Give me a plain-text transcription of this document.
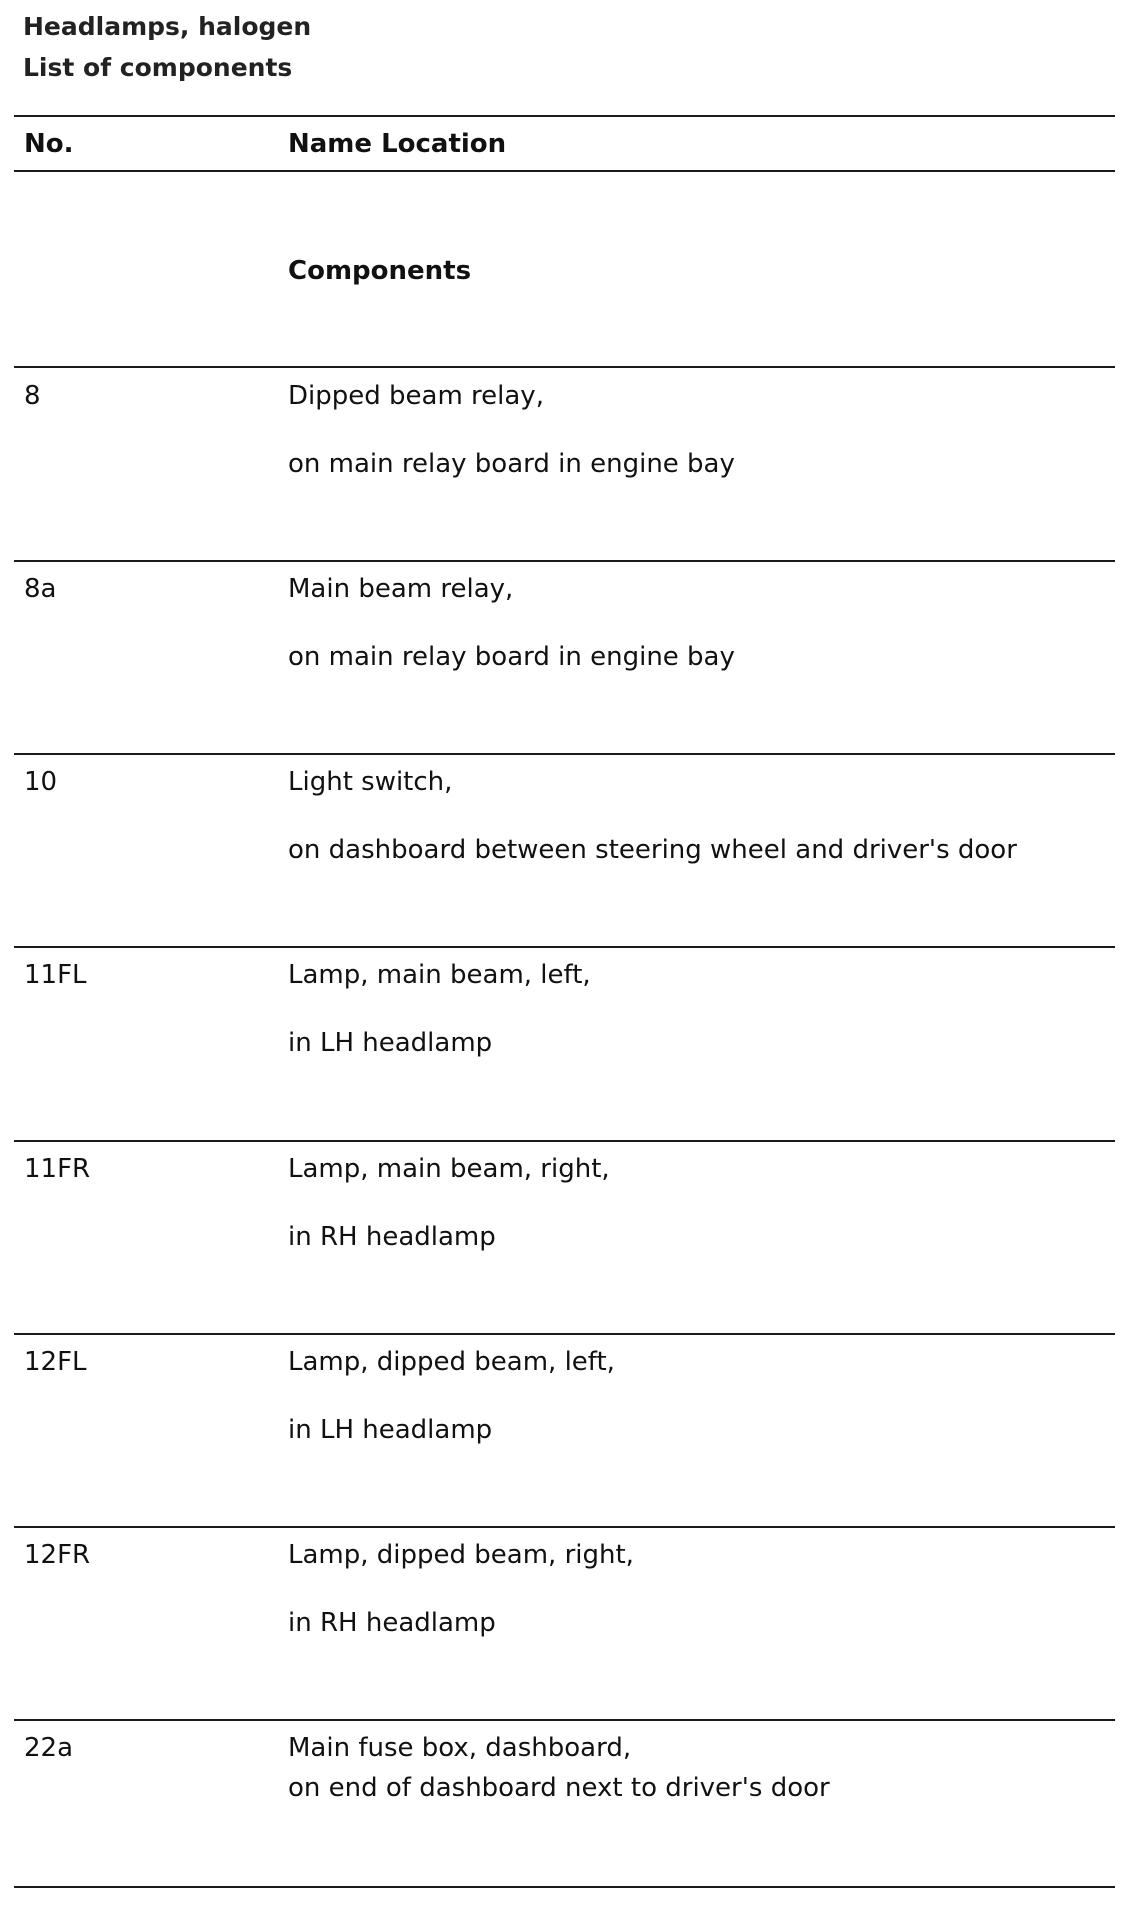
Headlamps, halogen
List of components
No.	Name Location
Components
8	Dipped beam relay,
on main relay board in engine bay
8a	Main beam relay,
on main relay board in engine bay
10	Light switch,
on dashboard between steering wheel and driver's door
11FL	Lamp, main beam, left,
in LH headlamp
11FR	Lamp, main beam, right,
in RH headlamp
12FL	Lamp, dipped beam, left,
in LH headlamp
12FR	Lamp, dipped beam, right,
in RH headlamp
22a	Main fuse box, dashboard,
on end of dashboard next to driver's door
